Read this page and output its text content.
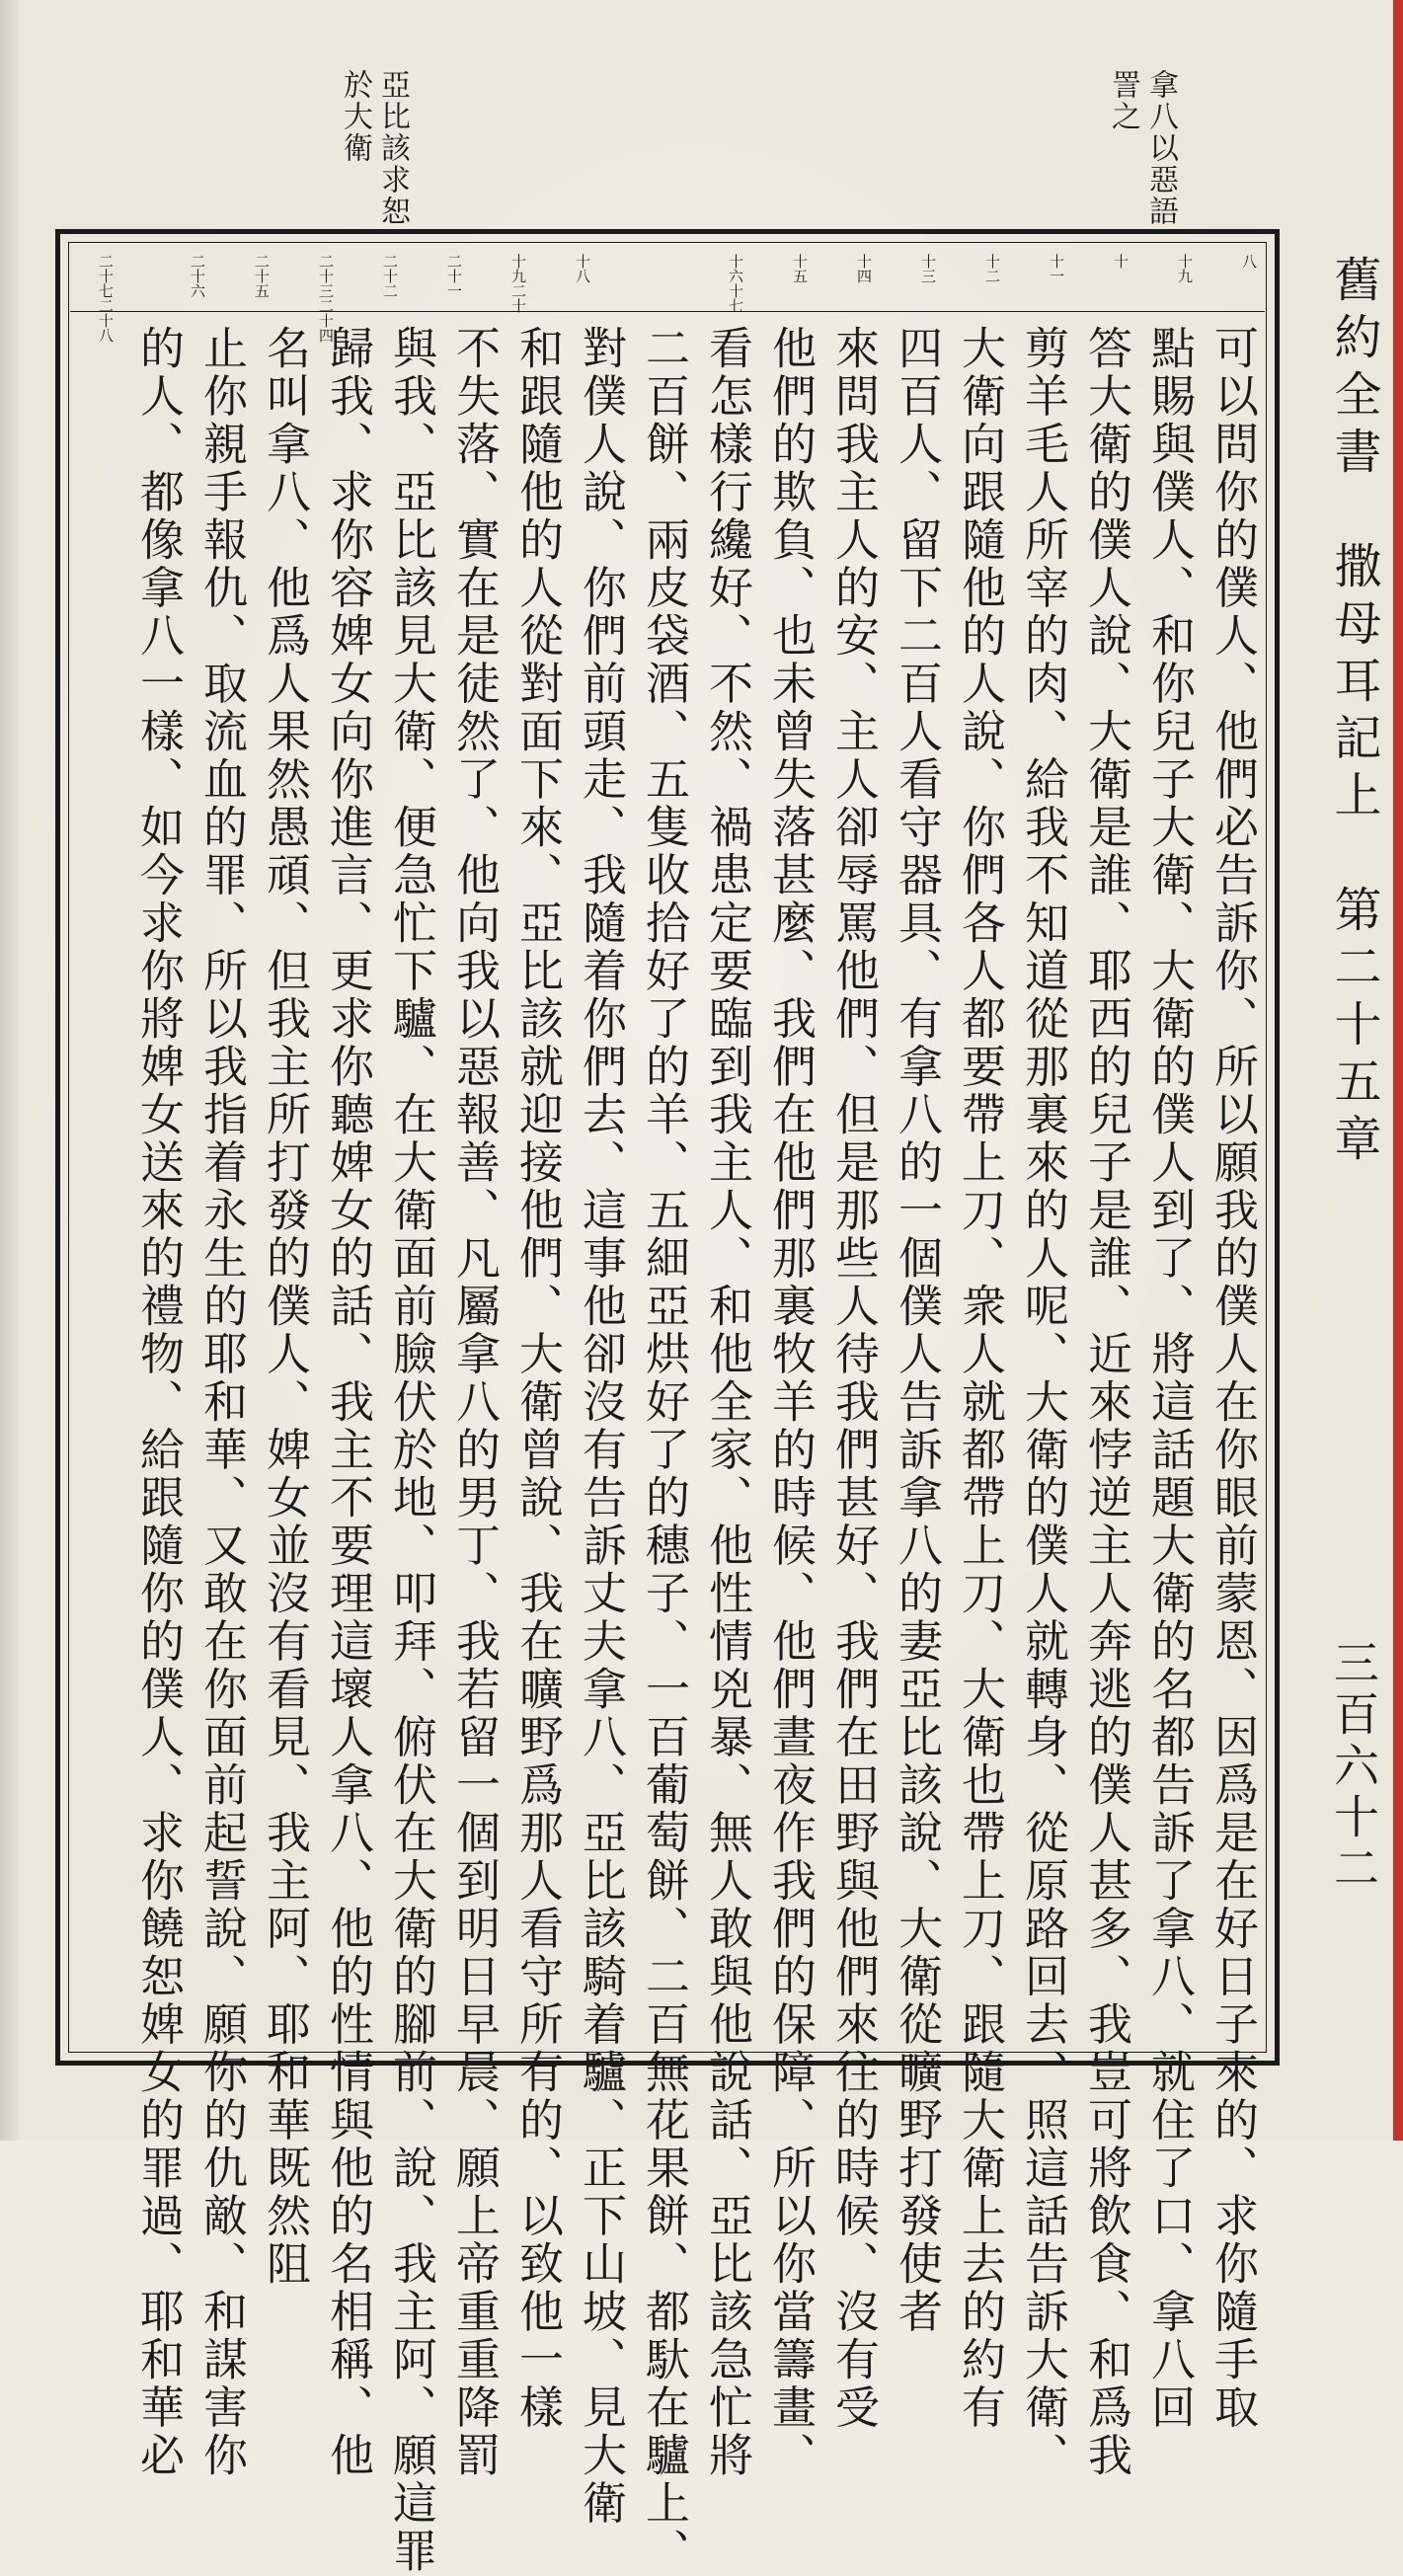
拿八以惡語詈之
亞比該求恕於大衛
舊約全書　撒母耳記上　第二十五章
三百六十二
八
十九
十
十一
十二
十三
十四
十五
十六十七
十八
十九二十
二十一
二十二
二十三二十四
二十五
二十六
二十七二十八
可以問你的僕人、他們必告訴你、所以願我的僕人在你眼前蒙恩、因爲是在好日子來的、求你隨手取
點賜與僕人、和你兒子大衛、大衛的僕人到了、將這話題大衛的名都告訴了拿八、就住了口、拿八回
答大衛的僕人說、大衛是誰、耶西的兒子是誰、近來悖逆主人奔逃的僕人甚多、我豈可將飲食、和爲我
剪羊毛人所宰的肉、給我不知道從那裏來的人呢、大衛的僕人就轉身、從原路回去、照這話告訴大衛、
大衛向跟隨他的人說、你們各人都要帶上刀、衆人就都帶上刀、大衛也帶上刀、跟隨大衛上去的約有
四百人、留下二百人看守器具、有拿八的一個僕人告訴拿八的妻亞比該說、大衛從曠野打發使者
來問我主人的安、主人卻辱罵他們、但是那些人待我們甚好、我們在田野與他們來往的時候、沒有受
他們的欺負、也未曾失落甚麼、我們在他們那裏牧羊的時候、他們晝夜作我們的保障、所以你當籌畫、
看怎樣行纔好、不然、禍患定要臨到我主人、和他全家、他性情兇暴、無人敢與他說話、亞比該急忙將
二百餅、兩皮袋酒、五隻收拾好了的羊、五細亞烘好了的穗子、一百葡萄餅、二百無花果餅、都馱在驢上、
對僕人說、你們前頭走、我隨着你們去、這事他卻沒有告訴丈夫拿八、亞比該騎着驢、正下山坡、見大衛
和跟隨他的人從對面下來、亞比該就迎接他們、大衛曾說、我在曠野爲那人看守所有的、以致他一樣
不失落、實在是徒然了、他向我以惡報善、凡屬拿八的男丁、我若留一個到明日早晨、願上帝重重降罰
與我、亞比該見大衛、便急忙下驢、在大衛面前臉伏於地、叩拜、俯伏在大衛的腳前、說、我主阿、願這罪
歸我、求你容婢女向你進言、更求你聽婢女的話、我主不要理這壞人拿八、他的性情與他的名相稱、他
名叫拿八、他爲人果然愚頑、但我主所打發的僕人、婢女並沒有看見、我主阿、耶和華既然阻
止你親手報仇、取流血的罪、所以我指着永生的耶和華、又敢在你面前起誓說、願你的仇敵、和謀害你
的人、都像拿八一樣、如今求你將婢女送來的禮物、給跟隨你的僕人、求你饒恕婢女的罪過、耶和華必
